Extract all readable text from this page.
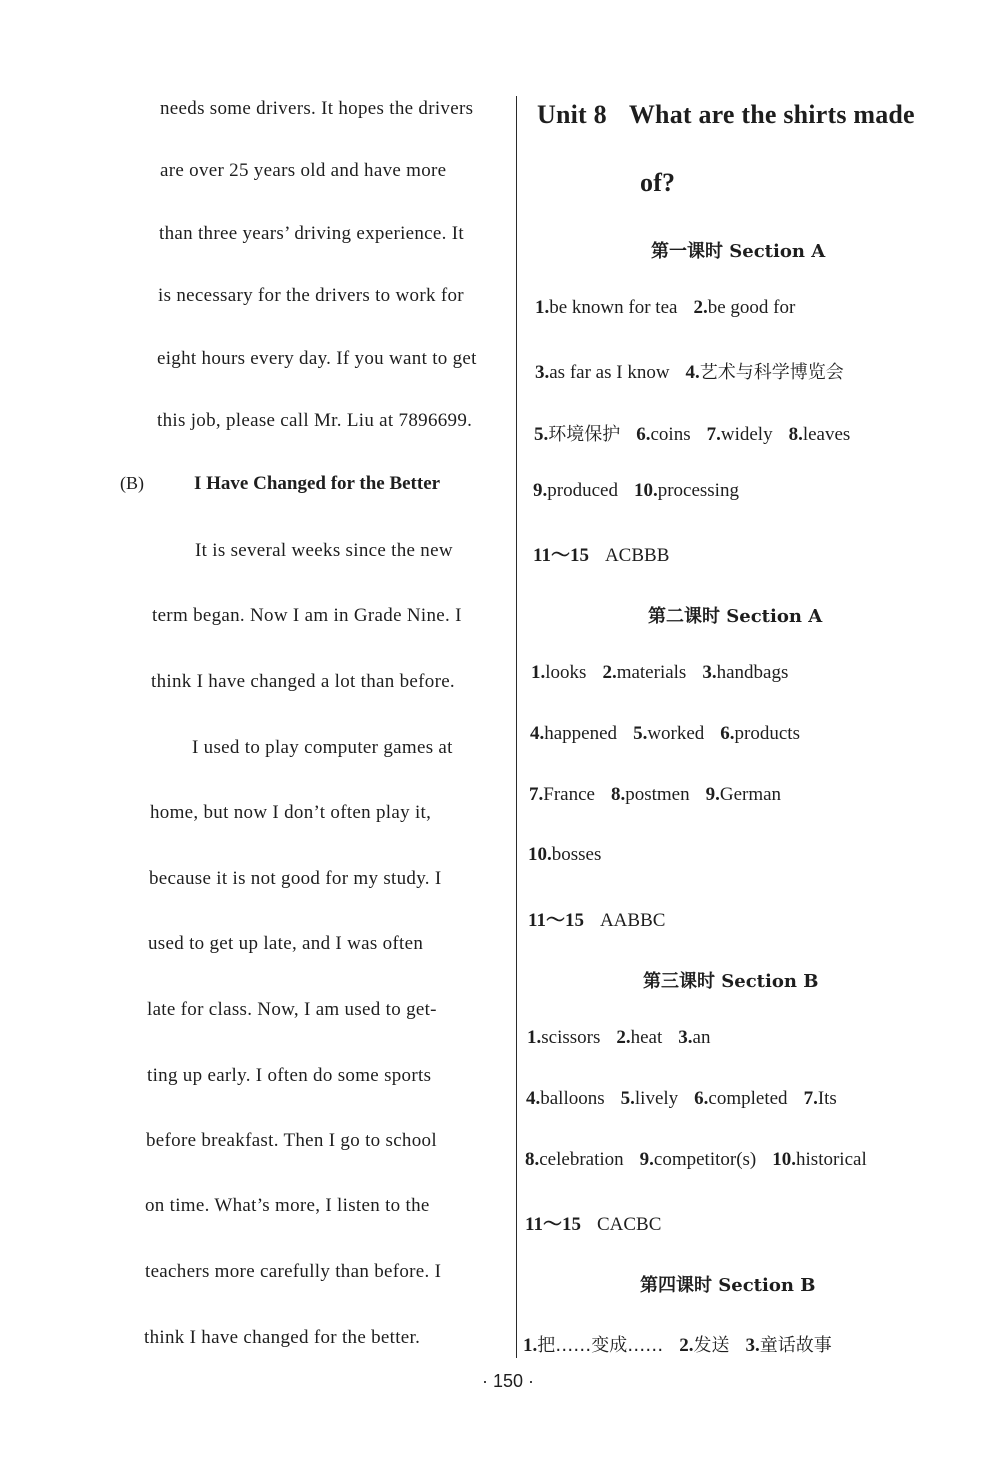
needs some drivers. It hopes the drivers
are over 25 years old and have more
than three years’ driving experience. It
is necessary for the drivers to work for
eight hours every day. If you want to get
this job, please call Mr. Liu at 7896699.
(B)	I Have Changed for the Better
It is several weeks since the new
term began. Now I am in Grade Nine. I
think I have changed a lot than before.
I used to play computer games at
home, but now I don’t often play it,
because it is not good for my study. I
used to get up late, and I was often
late for class. Now, I am used to get-
ting up early. I often do some sports
before breakfast. Then I go to school
on time. What’s more, I listen to the
teachers more carefully than before. I
think I have changed for the better.
Unit 8 What are the shirts made
of?
第一课时 Section A
1.be known for tea 2.be good for
3.as far as I know 4.艺术与科学博览会
5.环境保护 6.coins 7.widely 8.leaves
9.produced 10.processing
11～15 ACBBB
第二课时 Section A
1.looks 2.materials 3.handbags
4.happened 5.worked 6.products
7.France 8.postmen 9.German
10.bosses
11～15 AABBC
第三课时 Section B
1.scissors 2.heat 3.an
4.balloons 5.lively 6.completed 7.Its
8.celebration 9.competitor(s) 10.historical
11～15 CACBC
第四课时 Section B
1.把……变成…… 2.发送 3.童话故事
· 150 ·
